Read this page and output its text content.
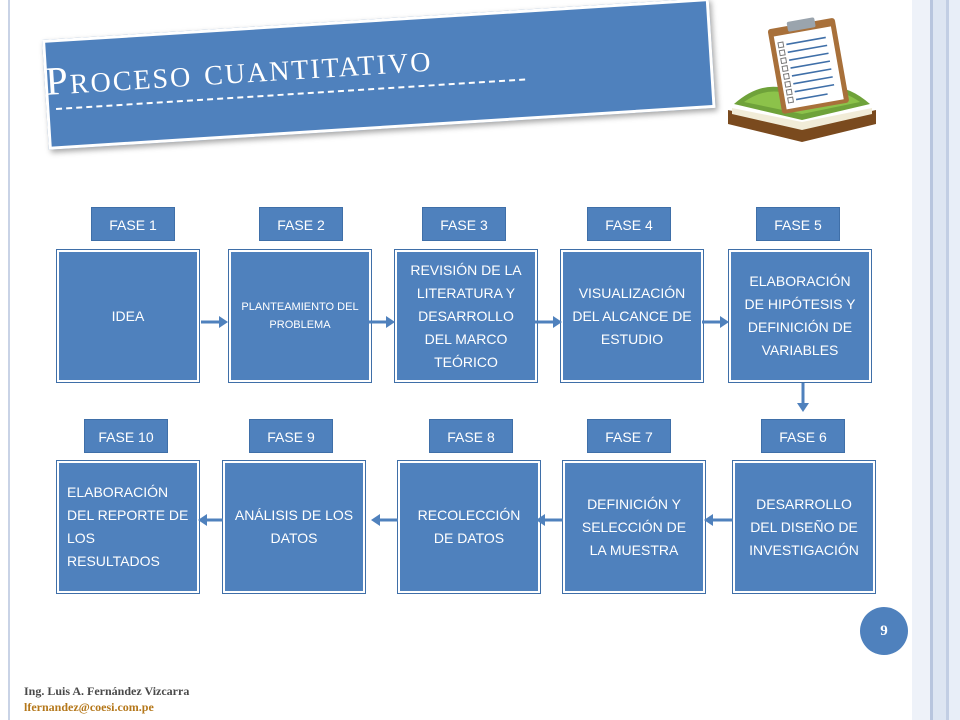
Proceso cuantitativo
FASE 1	FASE 2	FASE 3	FASE 4	FASE 5
IDEA
PLANTEAMIENTO DEL PROBLEMA
REVISIÓN DE LA LITERATURA Y DESARROLLO DEL MARCO TEÓRICO
VISUALIZACIÓN DEL ALCANCE DE ESTUDIO
ELABORACIÓN DE HIPÓTESIS Y DEFINICIÓN DE VARIABLES
FASE 10	FASE 9	FASE 8	FASE 7	FASE 6
ELABORACIÓN DEL REPORTE DE LOS RESULTADOS
ANÁLISIS DE LOS DATOS
RECOLECCIÓN DE DATOS
DEFINICIÓN Y SELECCIÓN DE LA MUESTRA
DESARROLLO DEL DISEÑO DE INVESTIGACIÓN
9
Ing. Luis A. Fernández Vizcarra
lfernandez@coesi.com.pe
